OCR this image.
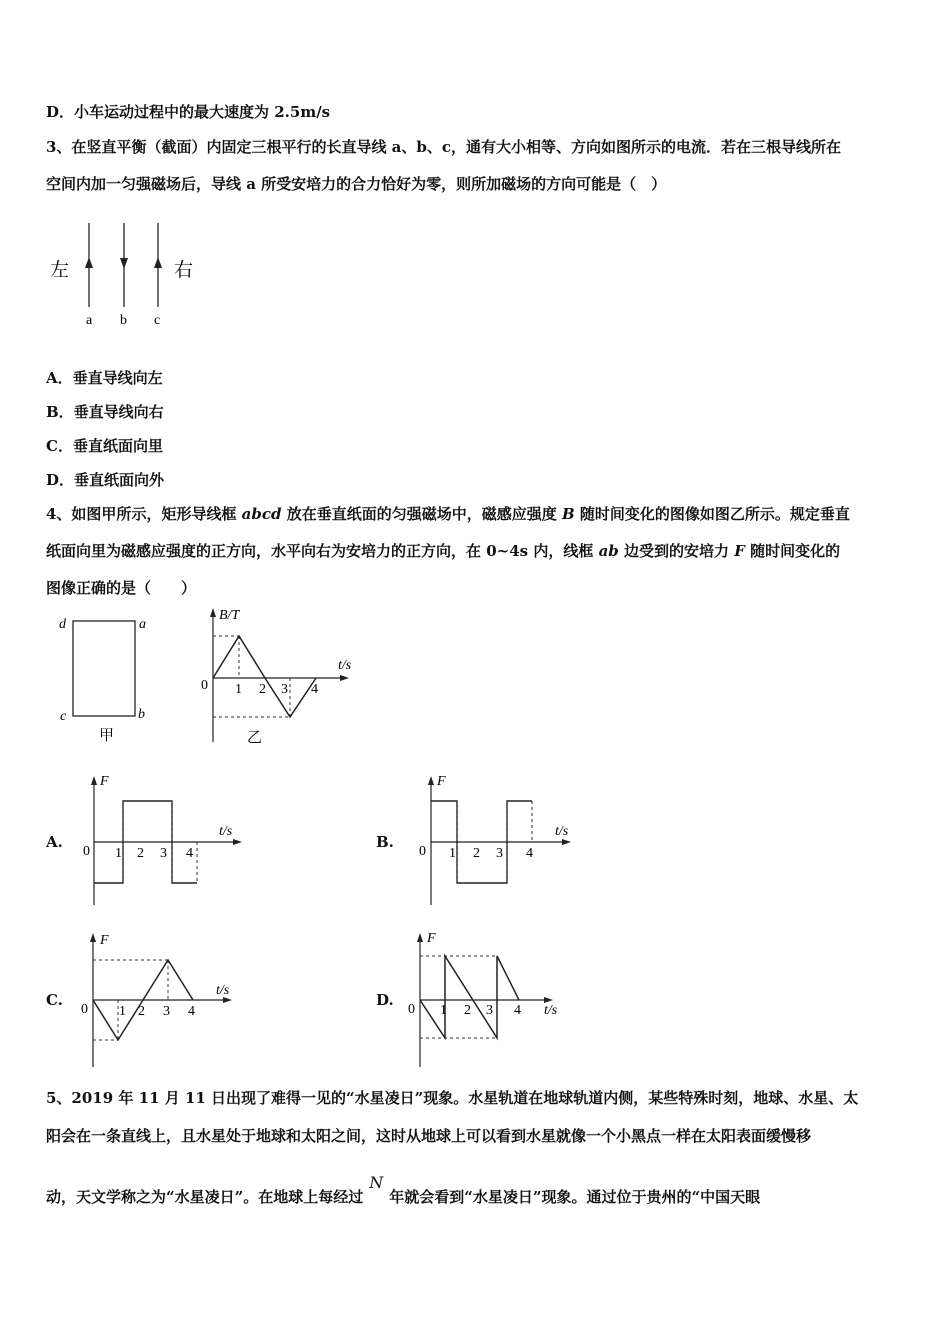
D．小车运动过程中的最大速度为 2.5m/s
3、在竖直平衡（截面）内固定三根平行的长直导线 a、b、c，通有大小相等、方向如图所示的电流．若在三根导线所在
空间内加一匀强磁场后，导线 a 所受安培力的合力恰好为零，则所加磁场的方向可能是（　）
左	右
a b c
A．垂直导线向左
B．垂直导线向右
C．垂直纸面向里
D．垂直纸面向外
4、如图甲所示，矩形导线框 abcd 放在垂直纸面的匀强磁场中，磁感应强度 B 随时间变化的图像如图乙所示。规定垂直
纸面向里为磁感应强度的正方向，水平向右为安培力的正方向，在 0~4s 内，线框 ab 边受到的安培力 F 随时间变化的
图像正确的是（　　）
d	a
c	b
甲
B/T
t/s
0 1 2 3 4
乙
A.
F
t/s
0 1 2 3 4
B.
F
t/s
0 1 2 3 4
C.
F
t/s
0 1 2 3 4
D.
F
t/s
0 1 2 3 4
5、2019 年 11 月 11 日出现了难得一见的“水星凌日”现象。水星轨道在地球轨道内侧，某些特殊时刻，地球、水星、太
阳会在一条直线上，且水星处于地球和太阳之间，这时从地球上可以看到水星就像一个小黑点一样在太阳表面缓慢移
动，天文学称之为“水星凌日”。在地球上每经过N年就会看到“水星凌日”现象。通过位于贵州的“中国天眼
